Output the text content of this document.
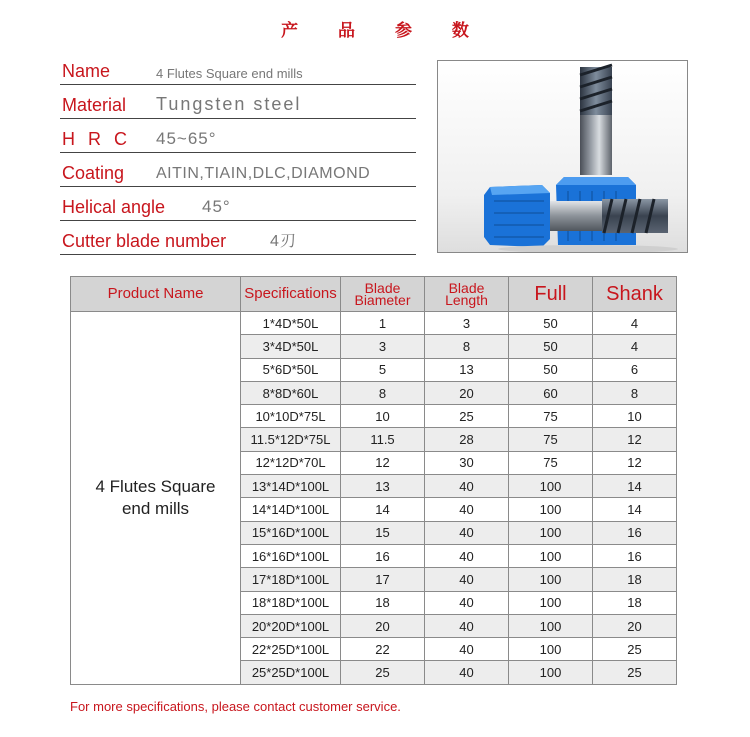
产 品 参 数
Name	4 Flutes Square end mills
Material Tungsten steel
H R C 45~65°
Coating AITIN,TIAIN,DLC,DIAMOND
Helical angle 45°
Cutter blade number	4刃
Product Name	Specifications	Blade Biameter	Blade Length	Full	Shank
4 Flutes Square end mills	1*4D*50L	1	3	50	4
	3*4D*50L	3	8	50	4
	5*6D*50L	5	13	50	6
	8*8D*60L	8	20	60	8
	10*10D*75L	10	25	75	10
	11.5*12D*75L	11.5	28	75	12
	12*12D*70L	12	30	75	12
	13*14D*100L	13	40	100	14
	14*14D*100L	14	40	100	14
	15*16D*100L	15	40	100	16
	16*16D*100L	16	40	100	16
	17*18D*100L	17	40	100	18
	18*18D*100L	18	40	100	18
	20*20D*100L	20	40	100	20
	22*25D*100L	22	40	100	25
	25*25D*100L	25	40	100	25
For more specifications, please contact customer service.
